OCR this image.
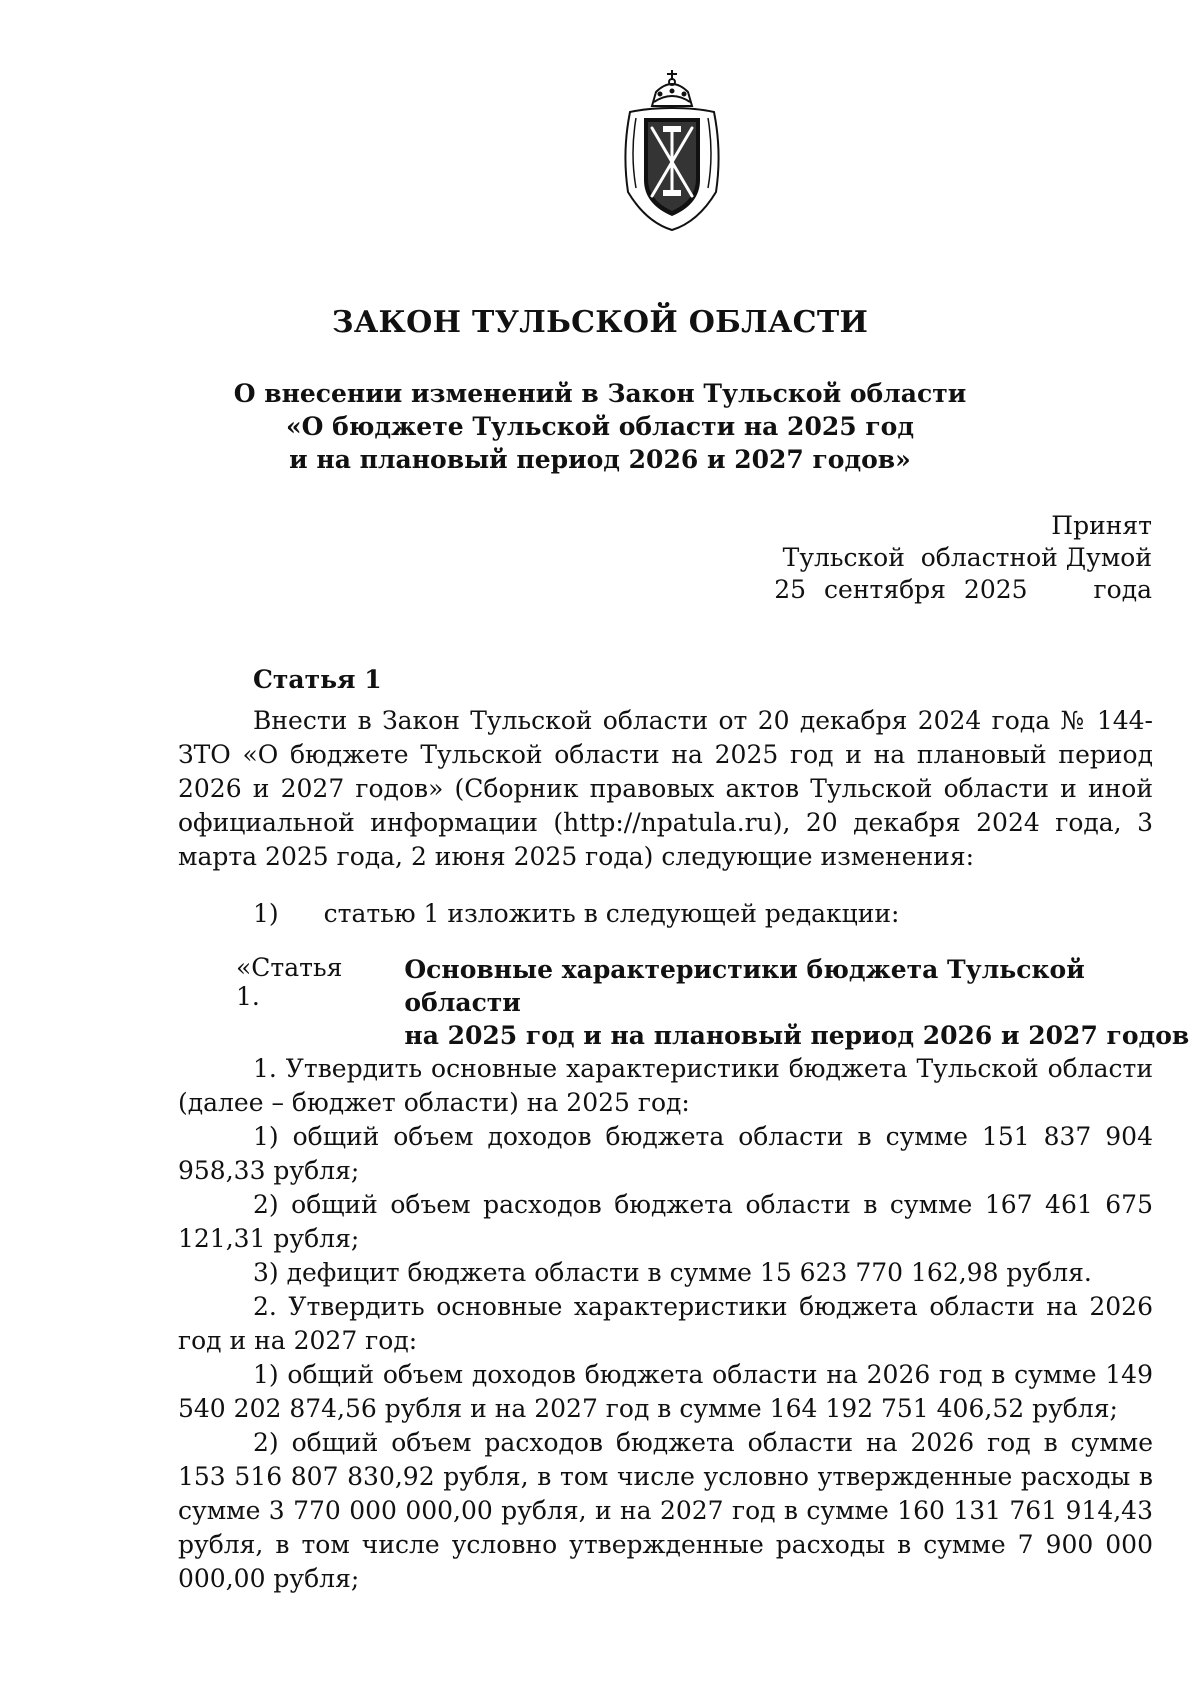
ЗАКОН ТУЛЬСКОЙ ОБЛАСТИ
О внесении изменений в Закон Тульской области
«О бюджете Тульской области на 2025 год
и на плановый период 2026 и 2027 годов»
Принят
Тульской  областной Думой
25 сентября 2025	года
Статья 1

Внести в Закон Тульской области от 20 декабря 2024 года № 144-ЗТО «О бюджете Тульской области на 2025 год и на плановый период 2026 и 2027 годов» (Сборник правовых актов Тульской области и иной официальной информации (http://npatula.ru), 20 декабря 2024 года, 3 марта 2025 года, 2 июня 2025 года) следующие изменения:

1) статью 1 изложить в следующей редакции:
«Статья 1.
Основные характеристики бюджета Тульской области
на 2025 год и на плановый период 2026 и 2027 годов

1. Утвердить основные характеристики бюджета Тульской области (далее – бюджет области) на 2025 год:

1) общий объем доходов бюджета области в сумме 151 837 904 958,33 рубля;

2) общий объем расходов бюджета области в сумме 167 461 675 121,31 рубля;

3) дефицит бюджета области в сумме 15 623 770 162,98 рубля.

2. Утвердить основные характеристики бюджета области на 2026 год и на 2027 год:

1) общий объем доходов бюджета области на 2026 год в сумме 149 540 202 874,56 рубля и на 2027 год в сумме 164 192 751 406,52 рубля;

2) общий объем расходов бюджета области на 2026 год в сумме 153 516 807 830,92 рубля, в том числе условно утвержденные расходы в сумме 3 770 000 000,00 рубля, и на 2027 год в сумме 160 131 761 914,43 рубля, в том числе условно утвержденные расходы в сумме 7 900 000 000,00 рубля;
